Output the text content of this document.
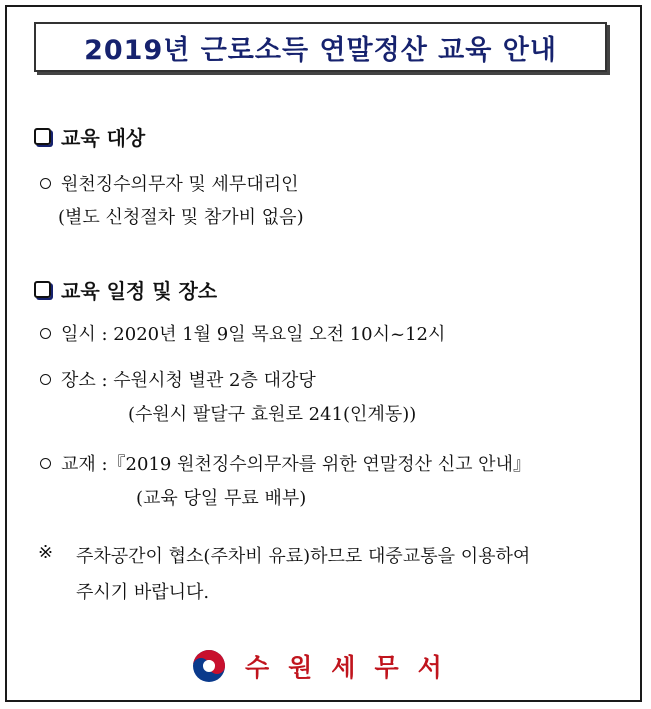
2019년 근로소득 연말정산 교육 안내
교육 대상
원천징수의무자 및 세무대리인
(별도 신청절차 및 참가비 없음)
교육 일정 및 장소
일시 : 2020년 1월 9일 목요일 오전 10시~12시
장소 : 수원시청 별관 2층 대강당
(수원시 팔달구 효원로 241(인계동))
교재 :『2019 원천징수의무자를 위한 연말정산 신고 안내』
(교육 당일 무료 배부)
※ 주차공간이 협소(주차비 유료)하므로 대중교통을 이용하여
주시기 바랍니다.
수원세무서
